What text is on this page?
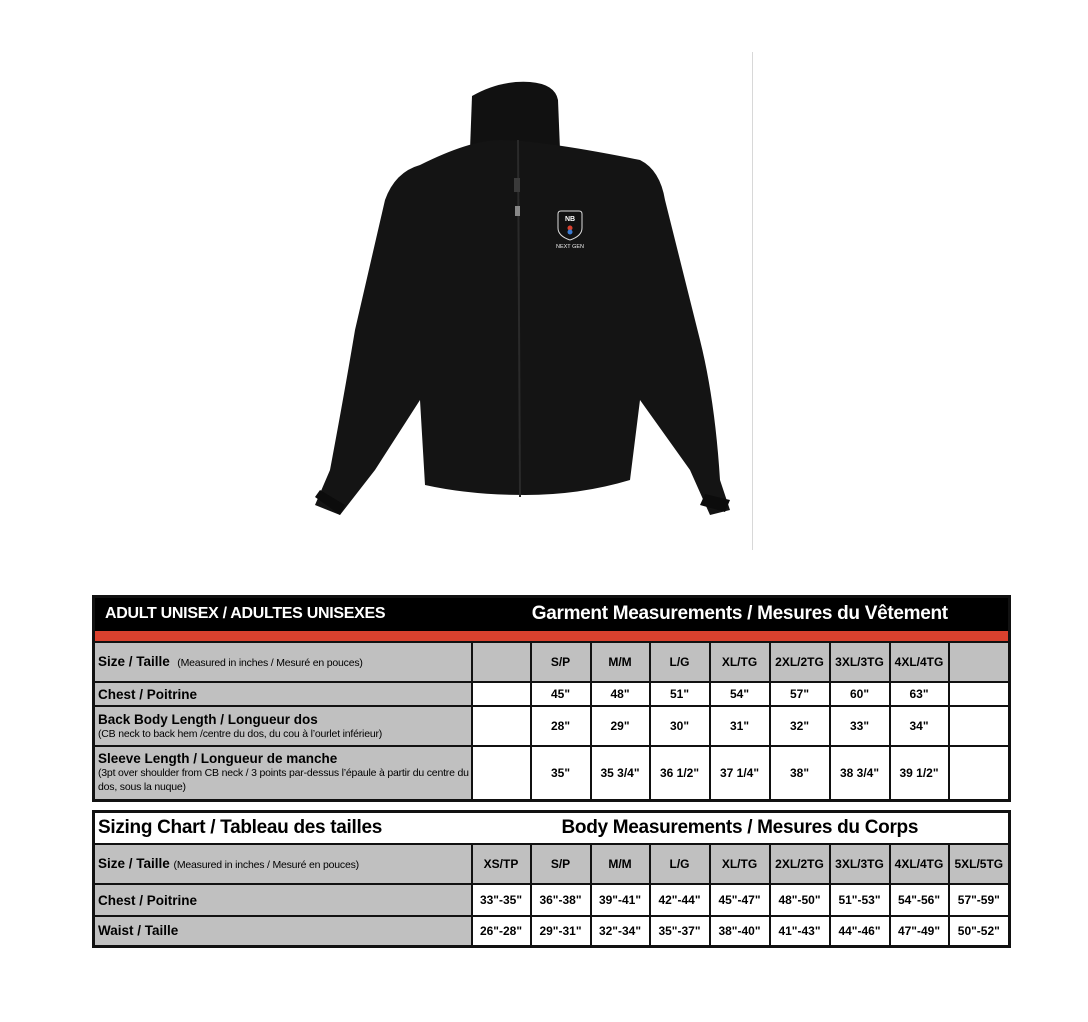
NB
NEXT GEN
ADULT UNISEX / ADULTES UNISEXES	Garment Measurements / Mesures du Vêtement								

Size / Taille (Measured in inches / Mesuré en pouces)		S/P	M/M	L/G	XL/TG	2XL/2TG	3XL/3TG	4XL/4TG	
Chest / Poitrine		45"	48"	51"	54"	57"	60"	63"	
Back Body Length / Longueur dos
(CB neck to back hem /centre du dos, du cou à l’ourlet inférieur)		28"	29"	30"	31"	32"	33"	34"	
Sleeve Length / Longueur de manche
(3pt over shoulder from CB neck / 3 points par-dessus l’épaule à partir du centre du dos, sous la nuque)		35"	35 3/4"	36 1/2"	37 1/4"	38"	38 3/4"	39 1/2"	
Sizing Chart / Tableau des tailles	Body Measurements / Mesures du Corps								
Size / Taille (Measured in inches / Mesuré en pouces)	XS/TP	S/P	M/M	L/G	XL/TG	2XL/2TG	3XL/3TG	4XL/4TG	5XL/5TG
Chest / Poitrine	33"-35"	36"-38"	39"-41"	42"-44"	45"-47"	48"-50"	51"-53"	54"-56"	57"-59"
Waist / Taille	26"-28"	29"-31"	32"-34"	35"-37"	38"-40"	41"-43"	44"-46"	47"-49"	50"-52"
